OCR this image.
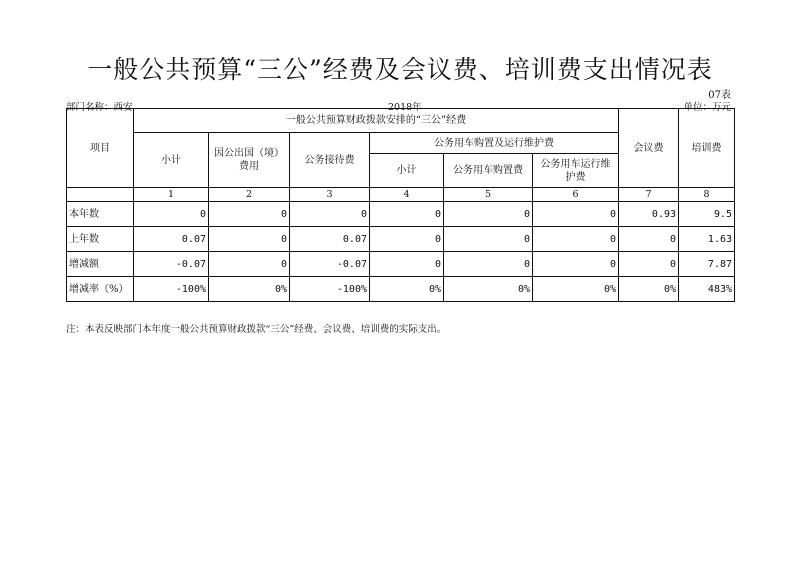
一般公共预算“三公”经费及会议费、培训费支出情况表
07表
部门名称：西安	2018年	单位：万元
项目	一般公共预算财政拨款安排的“三公”经费						会议费	培训费
	小计	因公出国（境）费用	公务接待费	公务用车购置及运行维护费				
				小计	公务用车购置费	公务用车运行维护费		
	1	2	3	4	5	6	7	8
本年数	0	0	0	0	0	0	0.93	9.5
上年数	0.07	0	0.07	0	0	0	0	1.63
增减额	-0.07	0	-0.07	0	0	0	0	7.87
增减率（%）	-100%	0%	-100%	0%	0%	0%	0%	483%
注：本表反映部门本年度一般公共预算财政拨款“三公”经费、会议费、培训费的实际支出。
